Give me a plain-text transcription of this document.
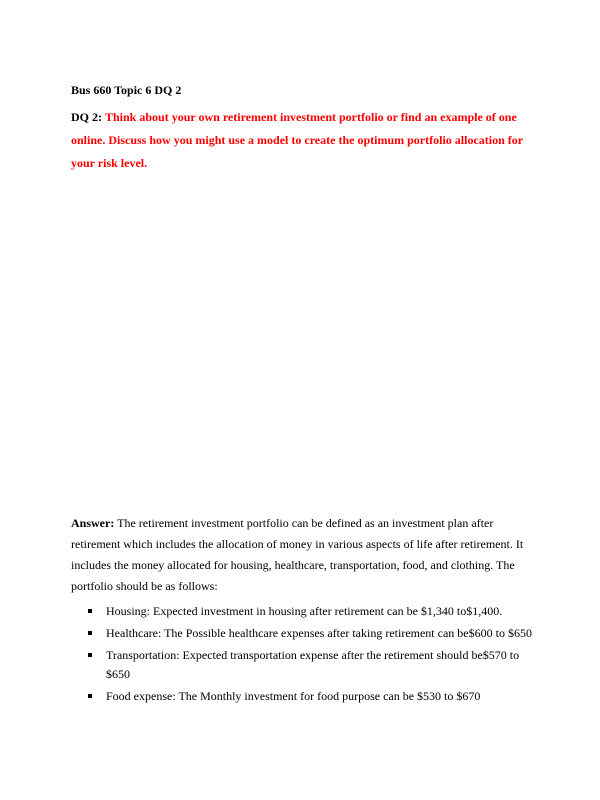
Bus 660 Topic 6 DQ 2

DQ 2: Think about your own retirement investment portfolio or find an example of one online. Discuss how you might use a model to create the optimum portfolio allocation for your risk level.

Answer: The retirement investment portfolio can be defined as an investment plan after retirement which includes the allocation of money in various aspects of life after retirement. It includes the money allocated for housing, healthcare, transportation, food, and clothing. The portfolio should be as follows:

Housing: Expected investment in housing after retirement can be $1,340 to$1,400.
Healthcare: The Possible healthcare expenses after taking retirement can be$600 to $650
Transportation: Expected transportation expense after the retirement should be$570 to $650
Food expense: The Monthly investment for food purpose can be $530 to $670
